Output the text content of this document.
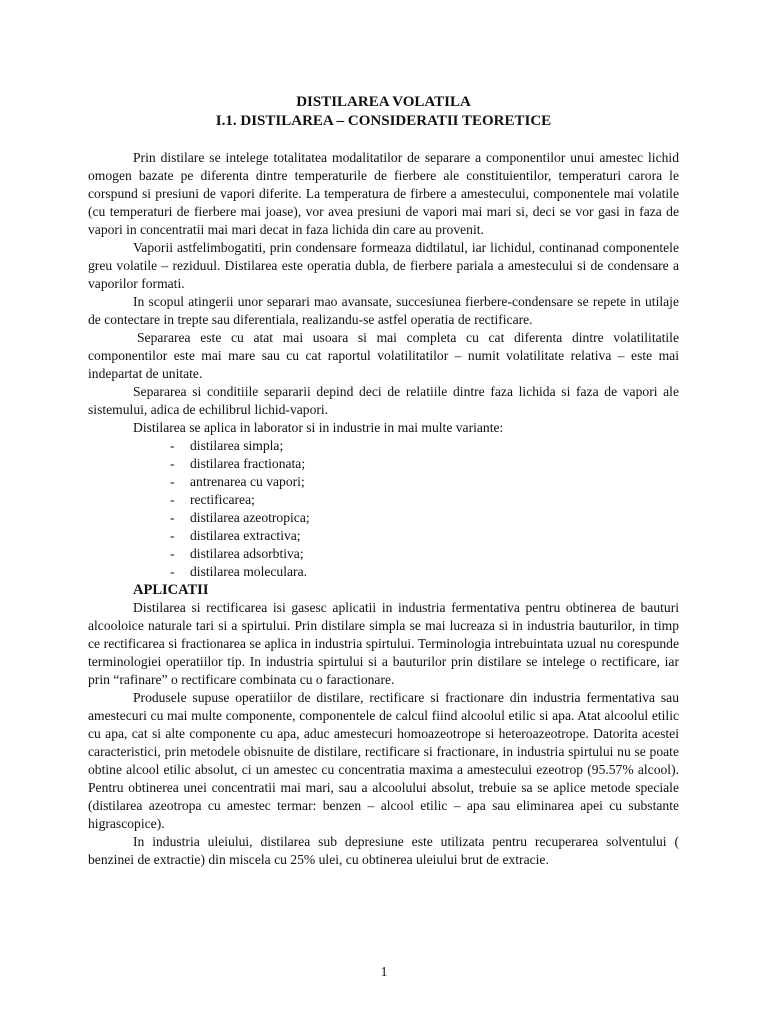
DISTILAREA VOLATILA
I.1. DISTILAREA – CONSIDERATII TEORETICE

Prin distilare se intelege totalitatea modalitatilor de separare a componentilor unui amestec lichid omogen bazate pe diferenta dintre temperaturile de fierbere ale constituientilor, temperaturi carora le corspund si presiuni de vapori diferite. La temperatura de firbere a amestecului, componentele mai volatile (cu temperaturi de fierbere mai joase), vor avea presiuni de vapori mai mari si, deci se vor gasi in faza de vapori in concentratii mai mari decat in faza lichida din care au provenit.

Vaporii astfelimbogatiti, prin condensare formeaza didtilatul, iar lichidul, continanad componentele greu volatile – reziduul. Distilarea este operatia dubla, de fierbere pariala a amestecului si de condensare a vaporilor formati.

In scopul atingerii unor separari mao avansate, succesiunea fierbere-condensare se repete in utilaje de contectare in trepte sau diferentiala, realizandu-se astfel operatia de rectificare.

Separarea este cu atat mai usoara si mai completa cu cat diferenta dintre volatilitatile componentilor este mai mare sau cu cat raportul volatilitatilor – numit volatilitate relativa – este mai indepartat de unitate.

Separarea si conditiile separarii depind deci de relatiile dintre faza lichida si faza de vapori ale sistemului, adica de echilibrul lichid-vapori.

Distilarea se aplica in laborator si in industrie in mai multe variante:

- distilarea simpla;
- distilarea fractionata;
- antrenarea cu vapori;
- rectificarea;
- distilarea azeotropica;
- distilarea extractiva;
- distilarea adsorbtiva;
- distilarea moleculara.
APLICATII

Distilarea si rectificarea isi gasesc aplicatii in industria fermentativa pentru obtinerea de bauturi alcooloice naturale tari si a spirtului. Prin distilare simpla se mai lucreaza si in industria bauturilor, in timp ce rectificarea si fractionarea se aplica in industria spirtului. Terminologia intrebuintata uzual nu corespunde terminologiei operatiilor tip. In industria spirtului si a bauturilor prin distilare se intelege o rectificare, iar prin “rafinare” o rectificare combinata cu o faractionare.

Produsele supuse operatiilor de distilare, rectificare si fractionare din industria fermentativa sau amestecuri cu mai multe componente, componentele de calcul fiind alcoolul etilic si apa. Atat alcoolul etilic cu apa, cat si alte componente cu apa, aduc amestecuri homoazeotrope si heteroazeotrope. Datorita acestei caracteristici, prin metodele obisnuite de distilare, rectificare si fractionare, in industria spirtului nu se poate obtine alcool etilic absolut, ci un amestec cu concentratia maxima a amestecului ezeotrop (95.57% alcool). Pentru obtinerea unei concentratii mai mari, sau a alcoolului absolut, trebuie sa se aplice metode speciale (distilarea azeotropa cu amestec termar: benzen – alcool etilic – apa sau eliminarea apei cu substante higrascopice).

In industria uleiului, distilarea sub depresiune este utilizata pentru recuperarea solventului ( benzinei de extractie) din miscela cu 25% ulei, cu obtinerea uleiului brut de extracie.

1
